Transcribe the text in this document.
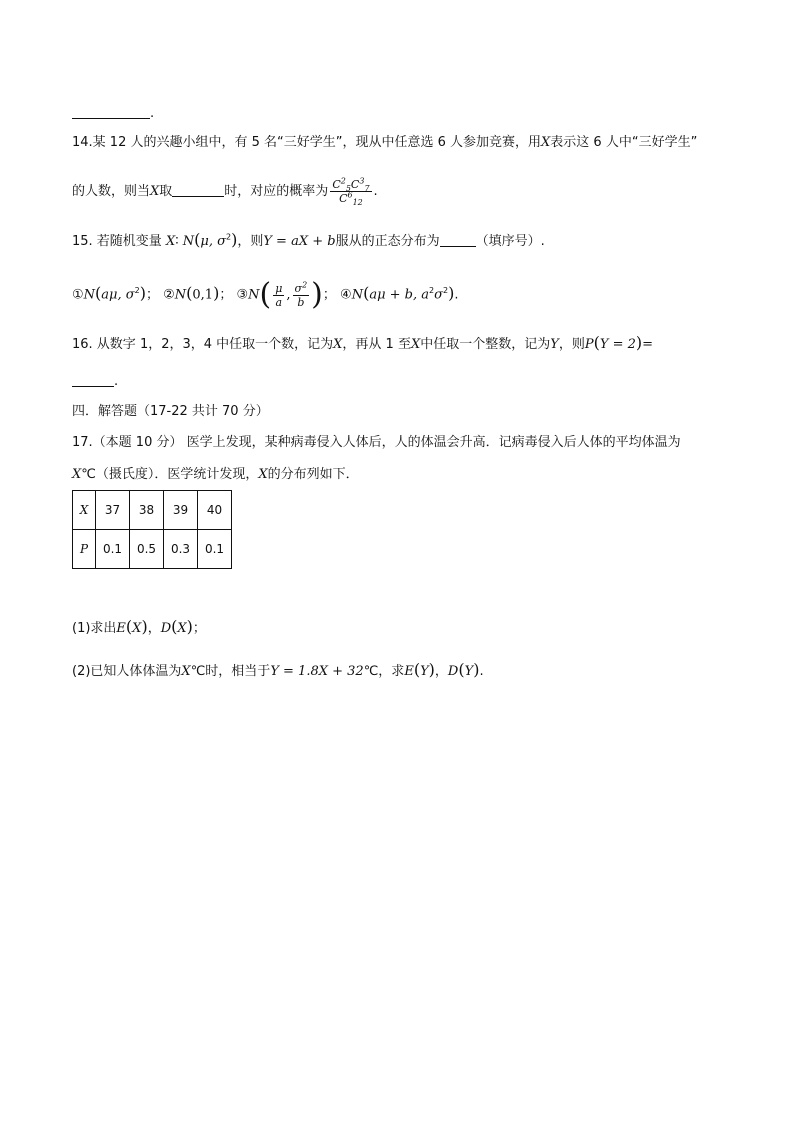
.
14.某 12 人的兴趣小组中，有 5 名“三好学生”，现从中任意选 6 人参加竞赛，用X表示这 6 人中“三好学生”
的人数，则当X取	时，对应的概率为 $\frac{C^2_5C^3_7}{C^6_{12}}$ .
15. 若随机变量 X∶ N(μ, $\sigma^2$)，则Y = aX + b服从的正态分布为	（填序号）.
①N(aμ, $\sigma^2$)； ②N(0,1)； ③N( $\frac{\mu}{a}$ , $\frac{\sigma^2}{b}$ )； ④N(aμ + b, $a^2\sigma^2$).
16. 从数字 1，2，3，4 中任取一个数，记为X，再从 1 至X中任取一个整数，记为Y，则P(Y = 2)=
.
四．解答题（17-22 共计 70 分）
17.（本题 10 分） 医学上发现，某种病毒侵入人体后，人的体温会升高．记病毒侵入后人体的平均体温为
X℃（摄氏度）．医学统计发现，X的分布列如下．
X	37	38	39	40
P	0.1	0.5	0.3	0.1
(1)求出E(X)，D(X)；
(2)已知人体体温为X℃时，相当于Y = 1.8X + 32℃，求E(Y)，D(Y).
